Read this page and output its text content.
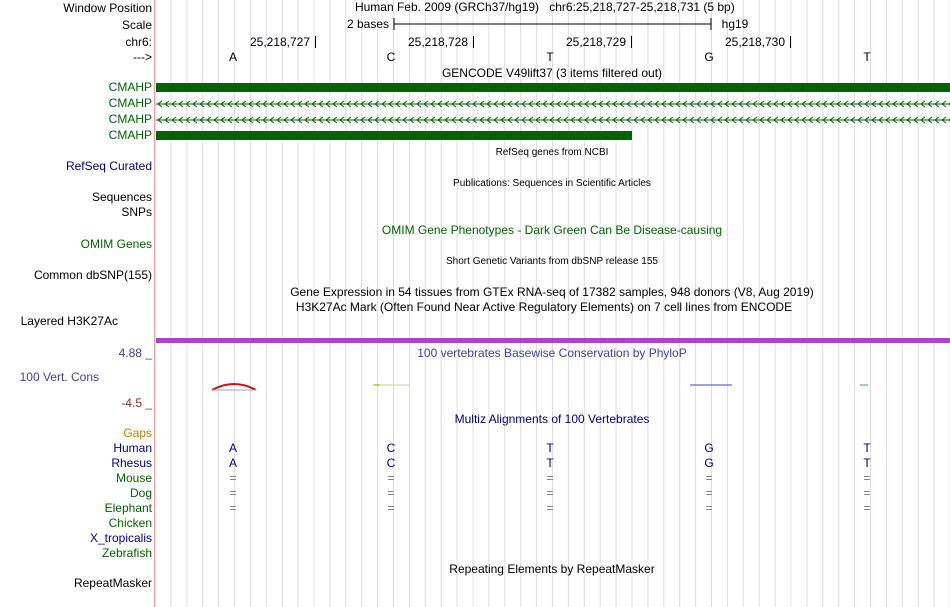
Window Position	Human Feb. 2009 (GRCh37/hg19) chr6:25,218,727-25,218,731 (5 bp)
Scale	2 bases	hg19
chr6:	25,218,727	25,218,728	25,218,729	25,218,730
--->	A	C	T	G	T
GENCODE V49lift37 (3 items filtered out)
CMAHP
CMAHP
CMAHP
CMAHP
RefSeq genes from NCBI
RefSeq Curated
Publications: Sequences in Scientific Articles
Sequences
SNPs
OMIM Gene Phenotypes - Dark Green Can Be Disease-causing
OMIM Genes
Short Genetic Variants from dbSNP release 155
Common dbSNP(155)
Gene Expression in 54 tissues from GTEx RNA-seq of 17382 samples, 948 donors (V8, Aug 2019)
H3K27Ac Mark (Often Found Near Active Regulatory Elements) on 7 cell lines from ENCODE
Layered H3K27Ac
4.88 _	100 vertebrates Basewise Conservation by PhyloP
100 Vert. Cons
-4.5 _
Multiz Alignments of 100 Vertebrates
Gaps
Human	A	C	T	G	T
Rhesus	A	C	T	G	T
Mouse	=	=	=	=	=
Dog	=	=	=	=	=
Elephant	=	=	=	=	=
Chicken
X_tropicalis
Zebrafish
Repeating Elements by RepeatMasker
RepeatMasker
